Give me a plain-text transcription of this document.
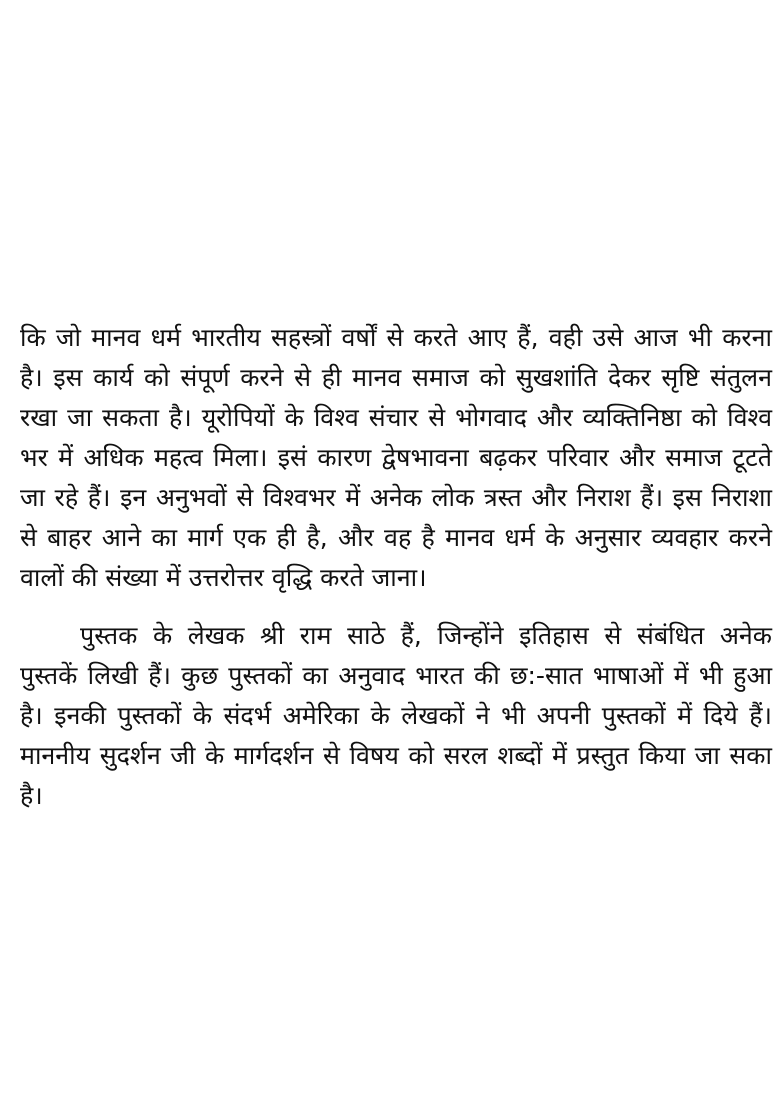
कि जो मानव धर्म भारतीय सहस्त्रों वर्षों से करते आए हैं, वही उसे आज भी करना
है। इस कार्य को संपूर्ण करने से ही मानव समाज को सुखशांति देकर सृष्टि संतुलन
रखा जा सकता है। यूरोपियों के विश्व संचार से भोगवाद और व्यक्तिनिष्ठा को विश्व
भर में अधिक महत्व मिला। इसं कारण द्वेषभावना बढ़कर परिवार और समाज टूटते
जा रहे हैं। इन अनुभवों से विश्वभर में अनेक लोक त्रस्त और निराश हैं। इस निराशा
से बाहर आने का मार्ग एक ही है, और वह है मानव धर्म के अनुसार व्यवहार करने
वालों की संख्या में उत्तरोत्तर वृद्धि करते जाना।

पुस्तक के लेखक श्री राम साठे हैं, जिन्होंने इतिहास से संबंधित अनेक
पुस्तकें लिखी हैं। कुछ पुस्तकों का अनुवाद भारत की छ:-सात भाषाओं में भी हुआ
है। इनकी पुस्तकों के संदर्भ अमेरिका के लेखकों ने भी अपनी पुस्तकों में दिये हैं।
माननीय सुदर्शन जी के मार्गदर्शन से विषय को सरल शब्दों में प्रस्तुत किया जा सका
है।
